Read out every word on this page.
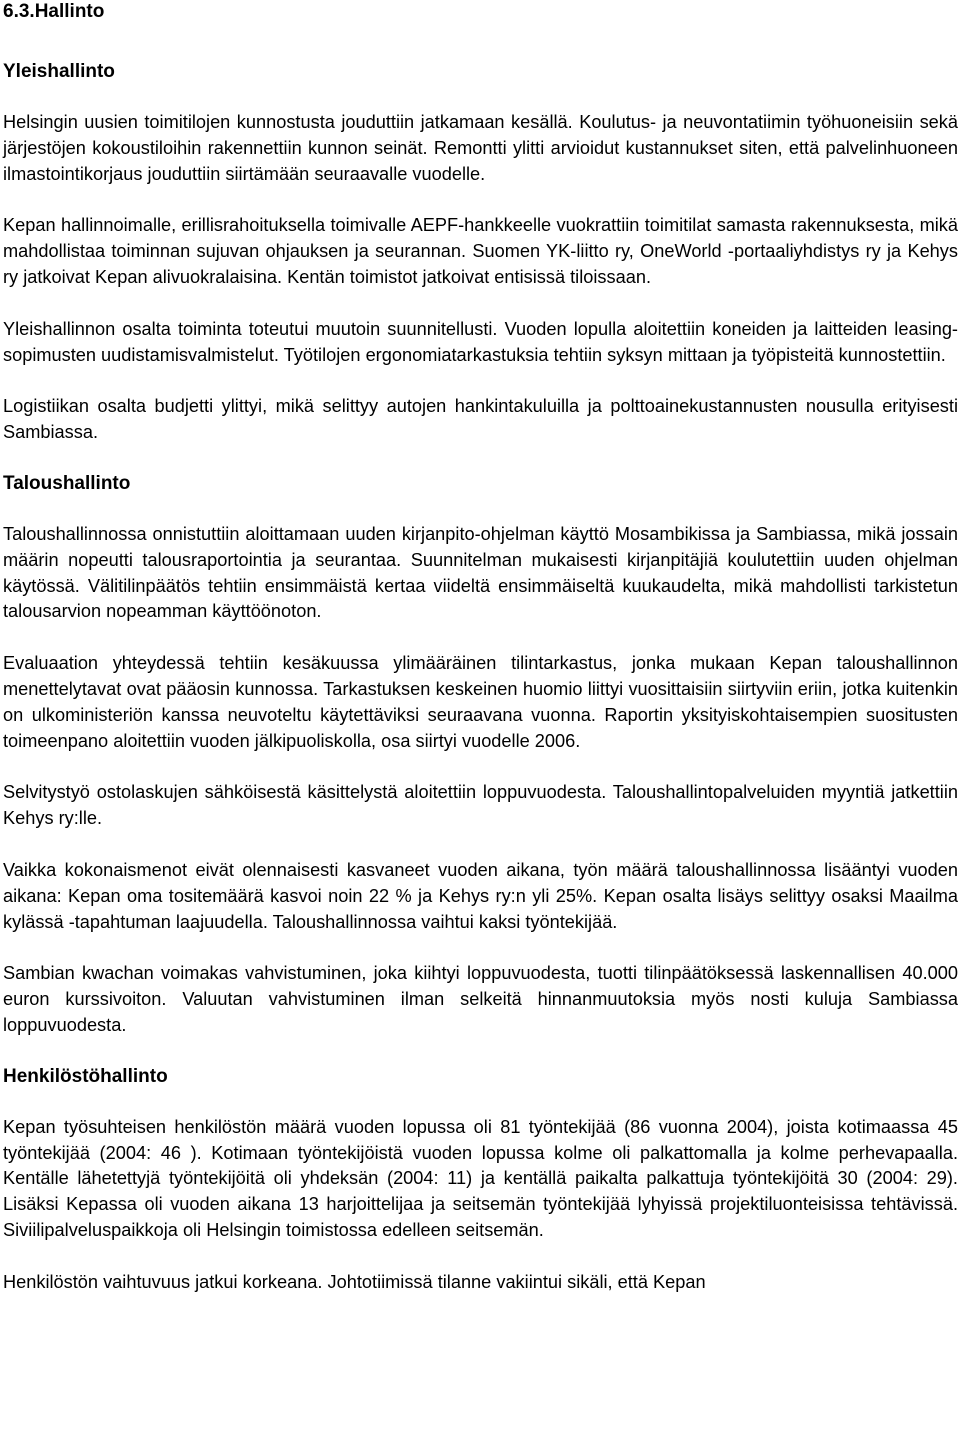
6.3.Hallinto
Yleishallinto

Helsingin uusien toimitilojen kunnostusta jouduttiin jatkamaan kesällä. Koulutus- ja neuvontatiimin työhuoneisiin sekä järjestöjen kokoustiloihin rakennettiin kunnon seinät. Remontti ylitti arvioidut kustannukset siten, että palvelinhuoneen ilmastointikorjaus jouduttiin siirtämään seuraavalle vuodelle.

Kepan hallinnoimalle, erillisrahoituksella toimivalle AEPF-hankkeelle vuokrattiin toimitilat samasta rakennuksesta, mikä mahdollistaa toiminnan sujuvan ohjauksen ja seurannan. Suomen YK-liitto ry, OneWorld -portaaliyhdistys ry ja Kehys ry jatkoivat Kepan alivuokralaisina. Kentän toimistot jatkoivat entisissä tiloissaan.

Yleishallinnon osalta toiminta toteutui muutoin suunnitellusti. Vuoden lopulla aloitettiin koneiden ja laitteiden leasing-sopimusten uudistamisvalmistelut. Työtilojen ergonomiatarkastuksia tehtiin syksyn mittaan ja työpisteitä kunnostettiin.

Logistiikan osalta budjetti ylittyi, mikä selittyy autojen hankintakuluilla ja polttoainekustannusten nousulla erityisesti Sambiassa.

Taloushallinto

Taloushallinnossa onnistuttiin aloittamaan uuden kirjanpito-ohjelman käyttö Mosambikissa ja Sambiassa, mikä jossain määrin nopeutti talousraportointia ja seurantaa. Suunnitelman mukaisesti kirjanpitäjiä koulutettiin uuden ohjelman käytössä. Välitilinpäätös tehtiin ensimmäistä kertaa viideltä ensimmäiseltä kuukaudelta, mikä mahdollisti tarkistetun talousarvion nopeamman käyttöönoton.

Evaluaation yhteydessä tehtiin kesäkuussa ylimääräinen tilintarkastus, jonka mukaan Kepan taloushallinnon menettelytavat ovat pääosin kunnossa. Tarkastuksen keskeinen huomio liittyi vuosittaisiin siirtyviin eriin, jotka kuitenkin on ulkoministeriön kanssa neuvoteltu käytettäviksi seuraavana vuonna. Raportin yksityiskohtaisempien suositusten toimeenpano aloitettiin vuoden jälkipuoliskolla, osa siirtyi vuodelle 2006.

Selvitystyö ostolaskujen sähköisestä käsittelystä aloitettiin loppuvuodesta. Taloushallintopalveluiden myyntiä jatkettiin Kehys ry:lle.

Vaikka kokonaismenot eivät olennaisesti kasvaneet vuoden aikana, työn määrä taloushallinnossa lisääntyi vuoden aikana: Kepan oma tositemäärä kasvoi noin 22 % ja Kehys ry:n yli 25%. Kepan osalta lisäys selittyy osaksi Maailma kylässä -tapahtuman laajuudella. Taloushallinnossa vaihtui kaksi työntekijää.

Sambian kwachan voimakas vahvistuminen, joka kiihtyi loppuvuodesta, tuotti tilinpäätöksessä laskennallisen 40.000 euron kurssivoiton. Valuutan vahvistuminen ilman selkeitä hinnanmuutoksia myös nosti kuluja Sambiassa loppuvuodesta.

Henkilöstöhallinto

Kepan työsuhteisen henkilöstön määrä vuoden lopussa oli 81 työntekijää (86 vuonna 2004), joista kotimaassa 45 työntekijää (2004: 46 ). Kotimaan työntekijöistä vuoden lopussa kolme oli palkattomalla ja kolme perhevapaalla. Kentälle lähetettyjä työntekijöitä oli yhdeksän (2004: 11) ja kentällä paikalta palkattuja työntekijöitä 30 (2004: 29). Lisäksi Kepassa oli vuoden aikana 13 harjoittelijaa ja seitsemän työntekijää lyhyissä projektiluonteisissa tehtävissä. Siviilipalveluspaikkoja oli Helsingin toimistossa edelleen seitsemän.

Henkilöstön vaihtuvuus jatkui korkeana. Johtotiimissä tilanne vakiintui sikäli, että Kepan
